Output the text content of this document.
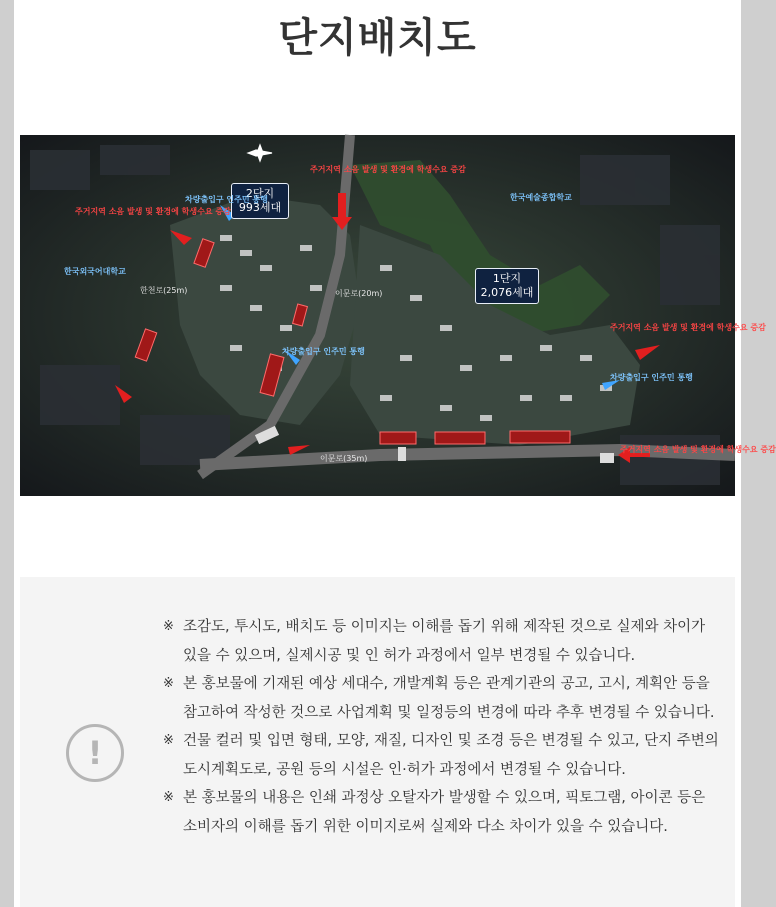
단지배치도
2단지
993세대
1단지
2,076세대
주거지역 소음 발생 및 환경에 학생수요 증감
주거지역 소음 발생 및 환경에 학생수요 증감
주거지역 소음 발생 및 환경에 학생수요 증감
주거지역 소음 발생 및 환경에 학생수요 증감
차량출입구 인주민 통행
차량출입구 인주민 통행
차량출입구 인주민 통행
한국외국어대학교
한국예술종합학교
이문로(35m)
한천로(25m)	이문로(20m)
!
※ 조감도, 투시도, 배치도 등 이미지는 이해를 돕기 위해 제작된 것으로 실제와 차이가 있을 수 있으며, 실제시공 및 인 허가 과정에서 일부 변경될 수 있습니다.
※ 본 홍보물에 기재된 예상 세대수, 개발계획 등은 관계기관의 공고, 고시, 계획안 등을 참고하여 작성한 것으로 사업계획 및 일정등의 변경에 따라 추후 변경될 수 있습니다.
※ 건물 컬러 및 입면 형태, 모양, 재질, 디자인 및 조경 등은 변경될 수 있고, 단지 주변의 도시계획도로, 공원 등의 시설은 인·허가 과정에서 변경될 수 있습니다.
※ 본 홍보물의 내용은 인쇄 과정상 오탈자가 발생할 수 있으며, 픽토그램, 아이콘 등은 소비자의 이해를 돕기 위한 이미지로써 실제와 다소 차이가 있을 수 있습니다.
